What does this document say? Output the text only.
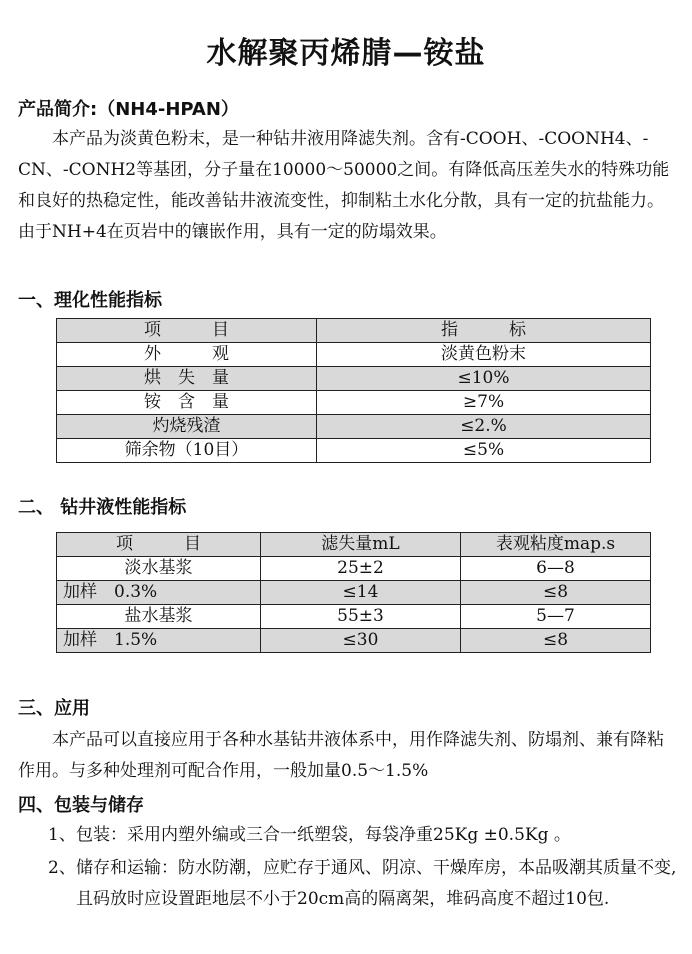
水解聚丙烯腈—铵盐
产品简介:（NH4-HPAN）
本产品为淡黄色粉末，是一种钻井液用降滤失剂。含有-COOH、-COONH4、-CN、-CONH2等基团，分子量在10000～50000之间。有降低高压差失水的特殊功能和良好的热稳定性，能改善钻井液流变性，抑制粘土水化分散，具有一定的抗盐能力。由于NH+4在页岩中的镶嵌作用，具有一定的防塌效果。
一、理化性能指标
项　　　目	指　　　标
外　　　观	淡黄色粉末
烘　失　量	≤10%
铵　含　量	≥7%
灼烧残渣	≤2.%
筛余物（10目）	≤5%
二、 钻井液性能指标
项　　　目	滤失量mL	表观粘度map.s
淡水基浆	25±2	6—8
加样　0.3%	≤14	≤8
盐水基浆	55±3	5—7
加样　1.5%	≤30	≤8
三、应用
本产品可以直接应用于各种水基钻井液体系中，用作降滤失剂、防塌剂、兼有降粘作用。与多种处理剂可配合作用，一般加量0.5～1.5%
四、包装与储存
1、 包装：采用内塑外编或三合一纸塑袋，每袋净重25Kg ±0.5Kg 。
2、 储存和运输：防水防潮，应贮存于通风、阴凉、干燥库房，本品吸潮其质量不变,且码放时应设置距地层不小于20cm高的隔离架，堆码高度不超过10包.
